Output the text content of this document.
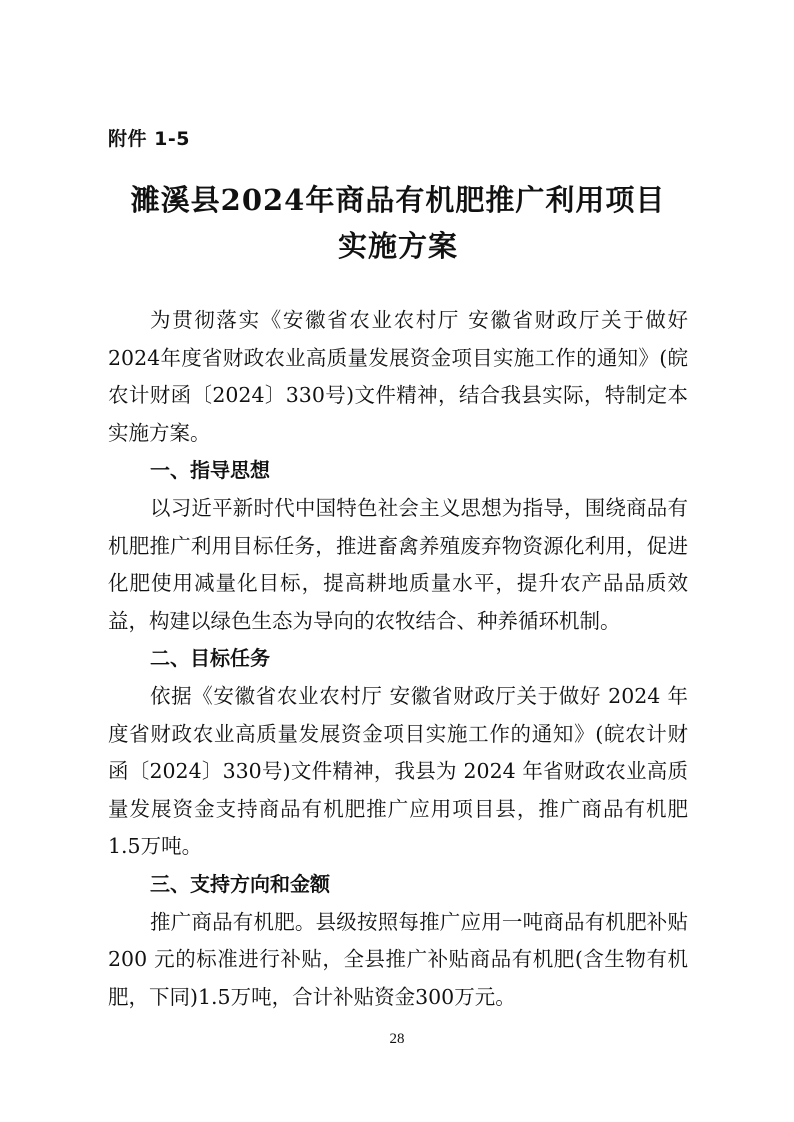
附件 1-5
濉溪县2024年商品有机肥推广利用项目
实施方案

为贯彻落实《安徽省农业农村厅 安徽省财政厅关于做好2024年度省财政农业高质量发展资金项目实施工作的通知》(皖农计财函〔2024〕330号)文件精神，结合我县实际，特制定本实施方案。

一、指导思想

以习近平新时代中国特色社会主义思想为指导，围绕商品有机肥推广利用目标任务，推进畜禽养殖废弃物资源化利用，促进化肥使用减量化目标，提高耕地质量水平，提升农产品品质效益，构建以绿色生态为导向的农牧结合、种养循环机制。

二、目标任务

依据《安徽省农业农村厅 安徽省财政厅关于做好 2024 年度省财政农业高质量发展资金项目实施工作的通知》(皖农计财函〔2024〕330号)文件精神，我县为 2024 年省财政农业高质量发展资金支持商品有机肥推广应用项目县，推广商品有机肥1.5万吨。

三、支持方向和金额

推广商品有机肥。县级按照每推广应用一吨商品有机肥补贴 200 元的标准进行补贴，全县推广补贴商品有机肥(含生物有机肥，下同)1.5万吨，合计补贴资金300万元。

28
